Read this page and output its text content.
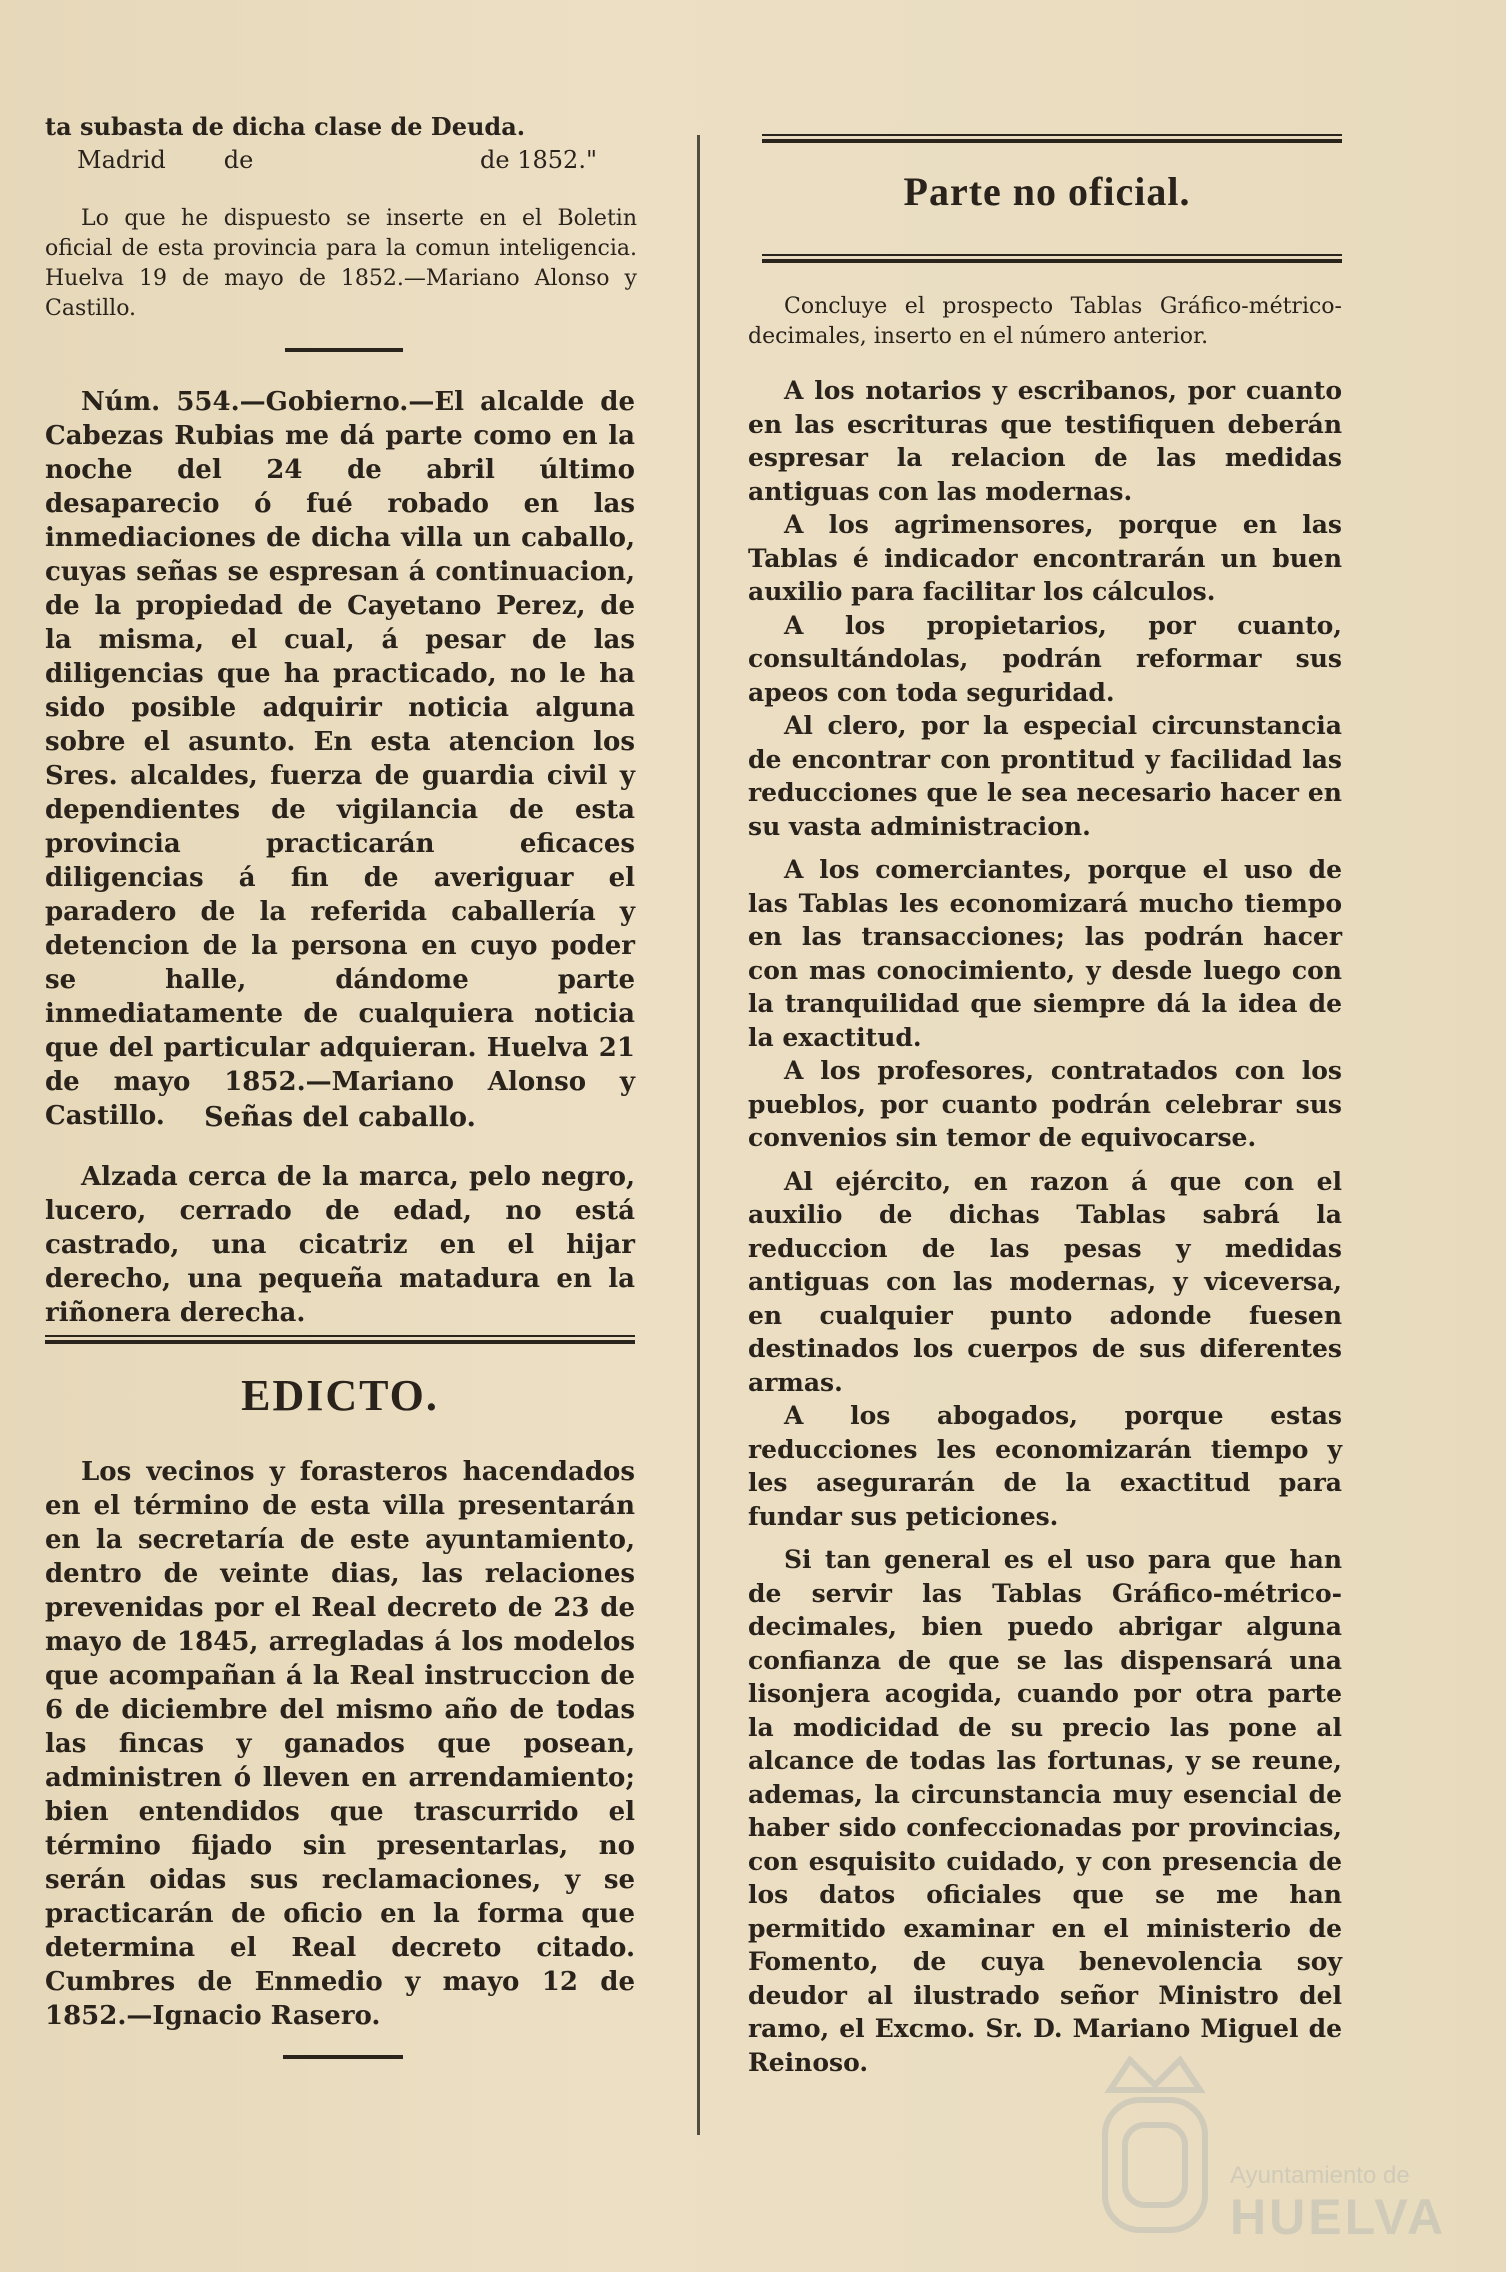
ta subasta de dicha clase de Deuda.

Madrid de	de 1852."

Lo que he dispuesto se inserte en el Boletin oficial de esta provincia para la comun inteligencia. Huelva 19 de mayo de 1852.—Mariano Alonso y Castillo.

Núm. 554.—Gobierno.—El alcalde de Cabezas Rubias me dá parte como en la noche del 24 de abril último desaparecio ó fué robado en las inmediaciones de dicha villa un caballo, cuyas señas se espresan á continuacion, de la propiedad de Cayetano Perez, de la misma, el cual, á pesar de las diligencias que ha practicado, no le ha sido posible adquirir noticia alguna sobre el asunto. En esta atencion los Sres. alcaldes, fuerza de guardia civil y dependientes de vigilancia de esta provincia practicarán eficaces diligencias á fin de averiguar el paradero de la referida caballería y detencion de la persona en cuyo poder se halle, dándome parte inmediatamente de cualquiera noticia que del particular adquieran. Huelva 21 de mayo 1852.—Mariano Alonso y Castillo.	Señas del caballo.

Alzada cerca de la marca, pelo negro, lucero, cerrado de edad, no está castrado, una cicatriz en el hijar derecho, una pequeña matadura en la riñonera derecha.

EDICTO.

Los vecinos y forasteros hacendados en el término de esta villa presentarán en la secretaría de este ayuntamiento, dentro de veinte dias, las relaciones prevenidas por el Real decreto de 23 de mayo de 1845, arregladas á los modelos que acompañan á la Real instruccion de 6 de diciembre del mismo año de todas las fincas y ganados que posean, administren ó lleven en arrendamiento; bien entendidos que trascurrido el término fijado sin presentarlas, no serán oidas sus reclamaciones, y se practicarán de oficio en la forma que determina el Real decreto citado. Cumbres de Enmedio y mayo 12 de 1852.—Ignacio Rasero.

Parte no oficial.

Concluye el prospecto Tablas Gráfico-métrico-decimales, inserto en el número anterior.

A los notarios y escribanos, por cuanto en las escrituras que testifiquen deberán espresar la relacion de las medidas antiguas con las modernas.

A los agrimensores, porque en las Tablas é indicador encontrarán un buen auxilio para facilitar los cálculos.

A los propietarios, por cuanto, consultándolas, podrán reformar sus apeos con toda seguridad.

Al clero, por la especial circunstancia de encontrar con prontitud y facilidad las reducciones que le sea necesario hacer en su vasta administracion.

A los comerciantes, porque el uso de las Tablas les economizará mucho tiempo en las transacciones; las podrán hacer con mas conocimiento, y desde luego con la tranquilidad que siempre dá la idea de la exactitud.

A los profesores, contratados con los pueblos, por cuanto podrán celebrar sus convenios sin temor de equivocarse.

Al ejército, en razon á que con el auxilio de dichas Tablas sabrá la reduccion de las pesas y medidas antiguas con las modernas, y viceversa, en cualquier punto adonde fuesen destinados los cuerpos de sus diferentes armas.

A los abogados, porque estas reducciones les economizarán tiempo y les asegurarán de la exactitud para fundar sus peticiones.

Si tan general es el uso para que han de servir las Tablas Gráfico-métrico-decimales, bien puedo abrigar alguna confianza de que se las dispensará una lisonjera acogida, cuando por otra parte la modicidad de su precio las pone al alcance de todas las fortunas, y se reune, ademas, la circunstancia muy esencial de haber sido confeccionadas por provincias, con esquisito cuidado, y con presencia de los datos oficiales que se me han permitido examinar en el ministerio de Fomento, de cuya benevolencia soy deudor al ilustrado señor Ministro del ramo, el Excmo. Sr. D. Mariano Miguel de Reinoso.

Ayuntamiento de
HUELVA
